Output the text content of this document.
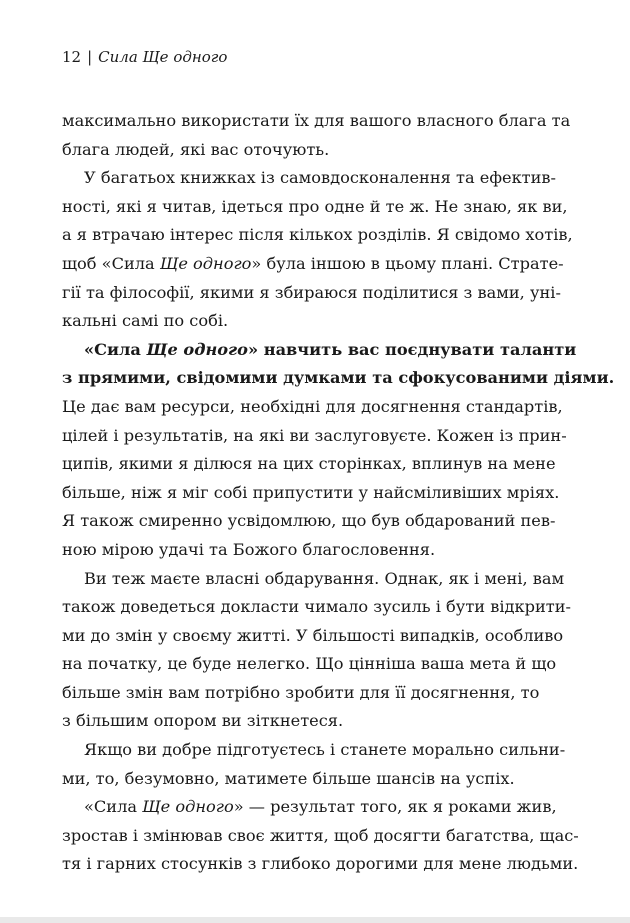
12 | Сила Ще одного
максимально використати їх для вашого власного блага та
блага людей, які вас оточують.
У багатьох книжках із самовдосконалення та ефектив-
ності, які я читав, ідеться про одне й те ж. Не знаю, як ви,
а я втрачаю інтерес після кількох розділів. Я свідомо хотів,
щоб «Сила Ще одного» була іншою в цьому плані. Страте-
гії та філософії, якими я збираюся поділитися з вами, уні-
кальні самі по собі.
«Сила Ще одного» навчить вас поєднувати таланти
з прямими, свідомими думками та сфокусованими діями.
Це дає вам ресурси, необхідні для досягнення стандартів,
цілей і результатів, на які ви заслуговуєте. Кожен із прин-
ципів, якими я ділюся на цих сторінках, вплинув на мене
більше, ніж я міг собі припустити у найсміливіших мріях.
Я також смиренно усвідомлюю, що був обдарований пев-
ною мірою удачі та Божого благословення.
Ви теж маєте власні обдарування. Однак, як і мені, вам
також доведеться докласти чимало зусиль і бути відкрити-
ми до змін у своєму житті. У більшості випадків, особливо
на початку, це буде нелегко. Що цінніша ваша мета й що
більше змін вам потрібно зробити для її досягнення, то
з більшим опором ви зіткнетеся.
Якщо ви добре підготуєтесь і станете морально сильни-
ми, то, безумовно, матимете більше шансів на успіх.
«Сила Ще одного» — результат того, як я роками жив,
зростав і змінював своє життя, щоб досягти багатства, щас-
тя і гарних стосунків з глибоко дорогими для мене людьми.
